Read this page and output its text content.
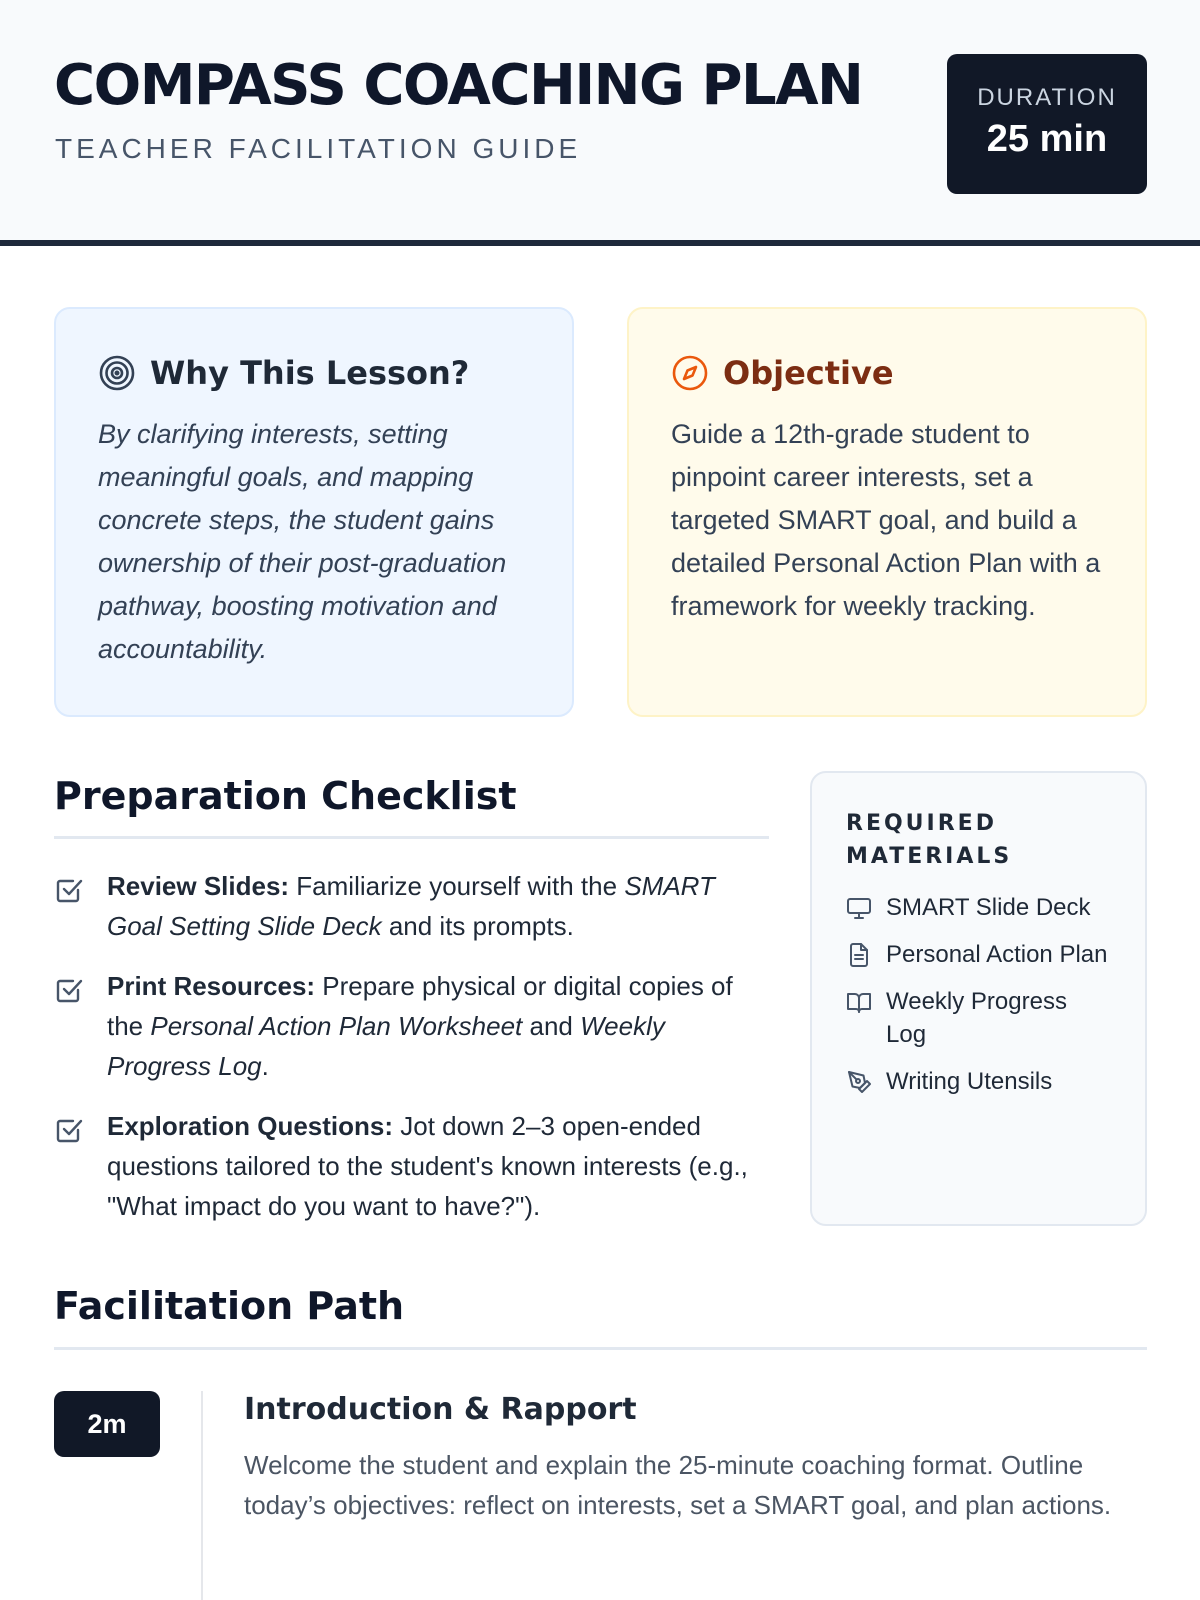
COMPASS COACHING PLAN
TEACHER FACILITATION GUIDE
DURATION
25 min
Why This Lesson?
By clarifying interests, setting meaningful goals, and mapping concrete steps, the student gains ownership of their post-graduation pathway, boosting motivation and accountability.
Objective
Guide a 12th-grade student to pinpoint career interests, set a targeted SMART goal, and build a detailed Personal Action Plan with a framework for weekly tracking.
Preparation Checklist
Review Slides: Familiarize yourself with the SMART Goal Setting Slide Deck and its prompts.
Print Resources: Prepare physical or digital copies of the Personal Action Plan Worksheet and Weekly Progress Log.
Exploration Questions: Jot down 2–3 open-ended questions tailored to the student's known interests (e.g., "What impact do you want to have?").
REQUIRED MATERIALS
SMART Slide Deck
Personal Action Plan
Weekly Progress Log
Writing Utensils
Facilitation Path
2m	Introduction & Rapport
Welcome the student and explain the 25-minute coaching format. Outline today’s objectives: reflect on interests, set a SMART goal, and plan actions.
